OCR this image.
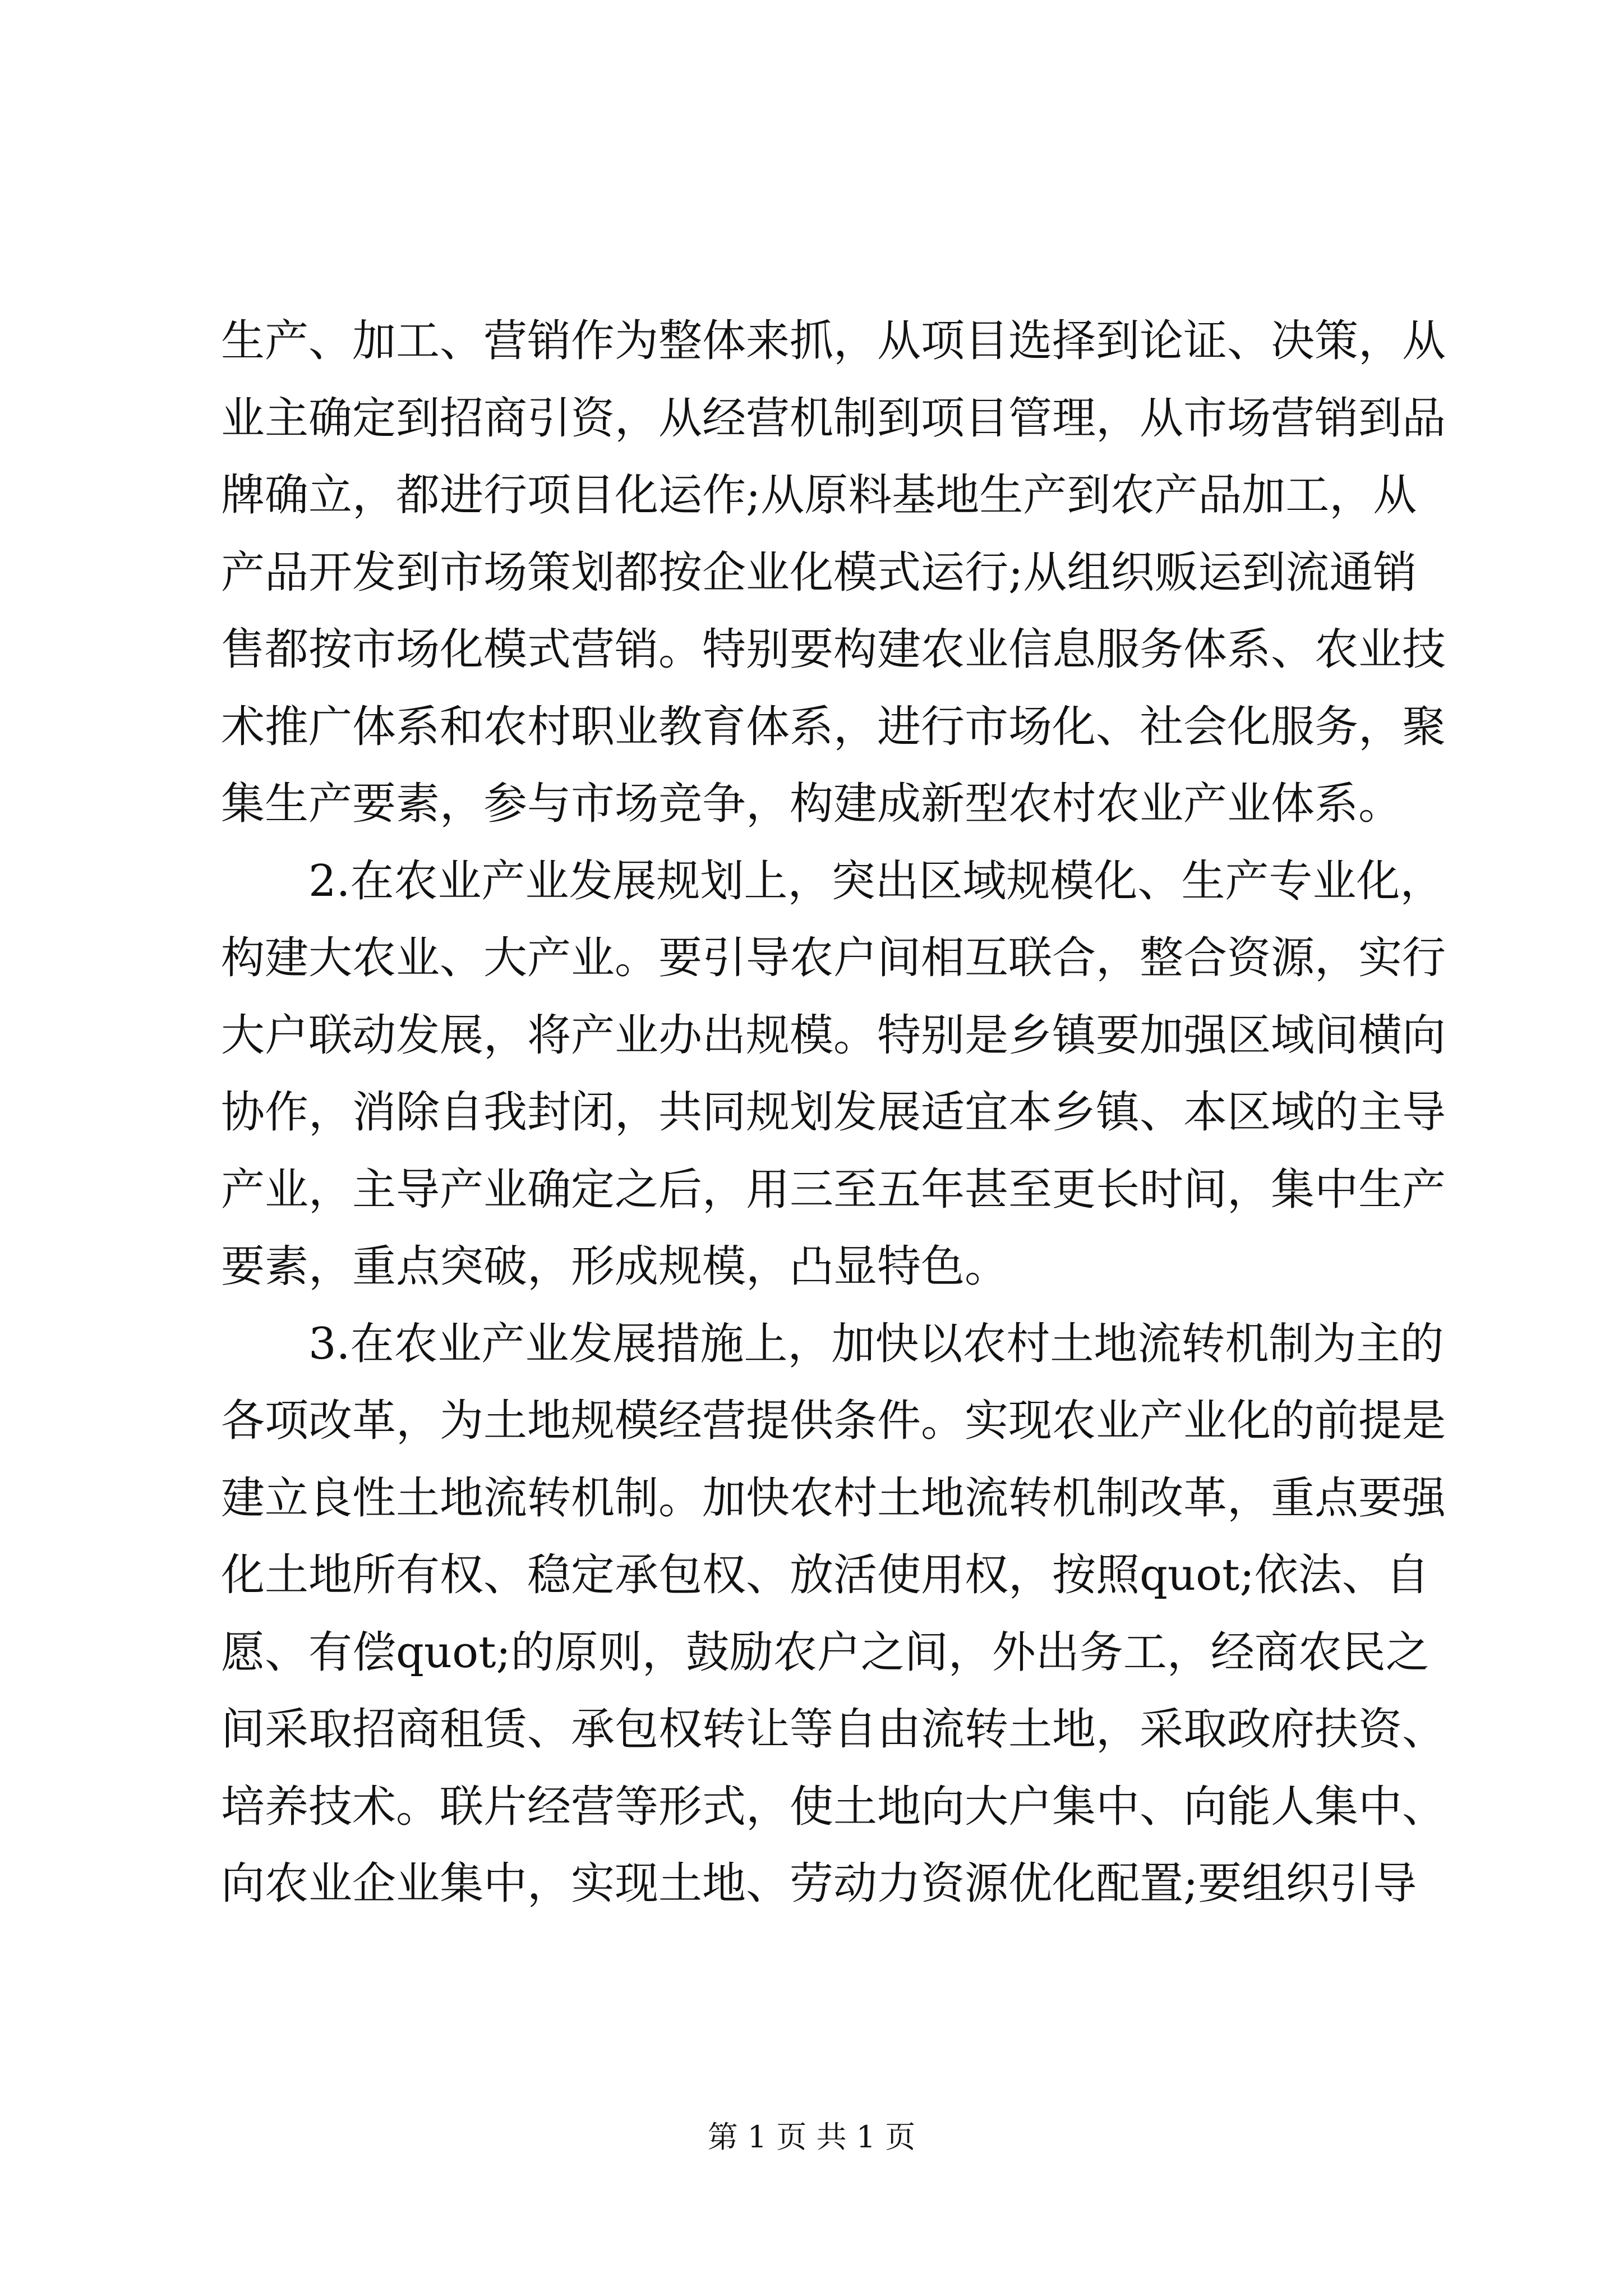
生产、加工、营销作为整体来抓，从项目选择到论证、决策，从
业主确定到招商引资，从经营机制到项目管理，从市场营销到品
牌确立，都进行项目化运作;从原料基地生产到农产品加工，从
产品开发到市场策划都按企业化模式运行;从组织贩运到流通销
售都按市场化模式营销。特别要构建农业信息服务体系、农业技
术推广体系和农村职业教育体系，进行市场化、社会化服务，聚
集生产要素，参与市场竞争，构建成新型农村农业产业体系。
2.在农业产业发展规划上，突出区域规模化、生产专业化，
构建大农业、大产业。要引导农户间相互联合，整合资源，实行
大户联动发展，将产业办出规模。特别是乡镇要加强区域间横向
协作，消除自我封闭，共同规划发展适宜本乡镇、本区域的主导
产业，主导产业确定之后，用三至五年甚至更长时间，集中生产
要素，重点突破，形成规模，凸显特色。
3.在农业产业发展措施上，加快以农村土地流转机制为主的
各项改革，为土地规模经营提供条件。实现农业产业化的前提是
建立良性土地流转机制。加快农村土地流转机制改革，重点要强
化土地所有权、稳定承包权、放活使用权，按照quot;依法、自
愿、有偿quot;的原则，鼓励农户之间，外出务工，经商农民之
间采取招商租赁、承包权转让等自由流转土地，采取政府扶资、
培养技术。联片经营等形式，使土地向大户集中、向能人集中、
向农业企业集中，实现土地、劳动力资源优化配置;要组织引导
第 1 页 共 1 页
